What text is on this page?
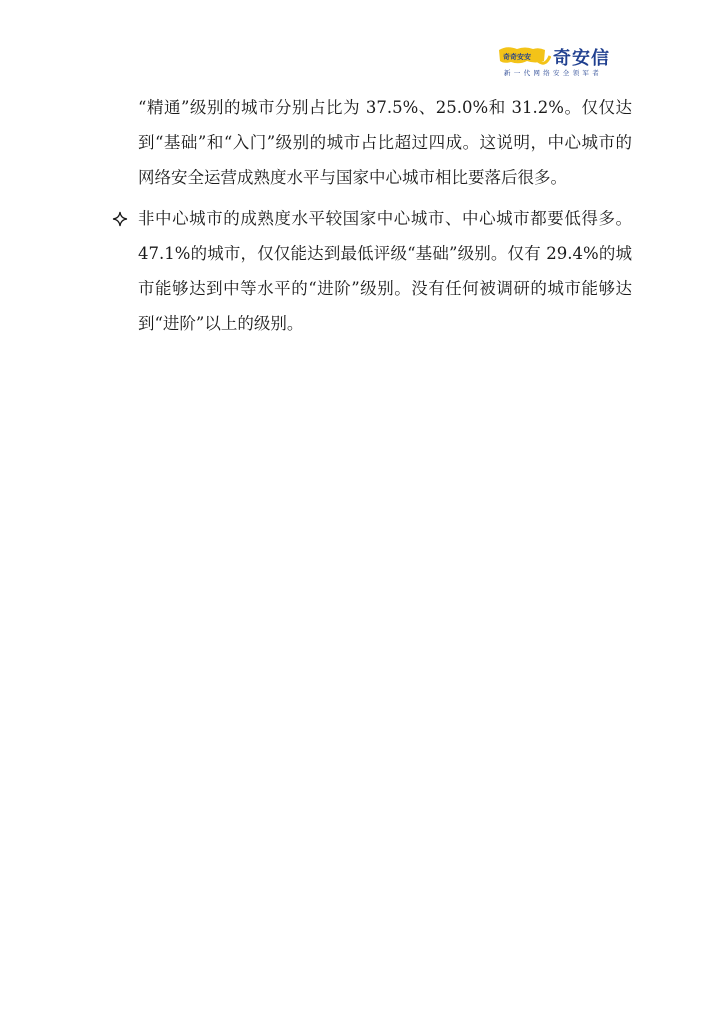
奇奇安安 奇安信
新一代网络安全领军者

“精通”级别的城市分别占比为 37.5%、25.0%和 31.2%。仅仅达到“基础”和“入门”级别的城市占比超过四成。这说明，中心城市的网络安全运营成熟度水平与国家中心城市相比要落后很多。

非中心城市的成熟度水平较国家中心城市、中心城市都要低得多。47.1%的城市，仅仅能达到最低评级“基础”级别。仅有 29.4%的城市能够达到中等水平的“进阶”级别。没有任何被调研的城市能够达到“进阶”以上的级别。
